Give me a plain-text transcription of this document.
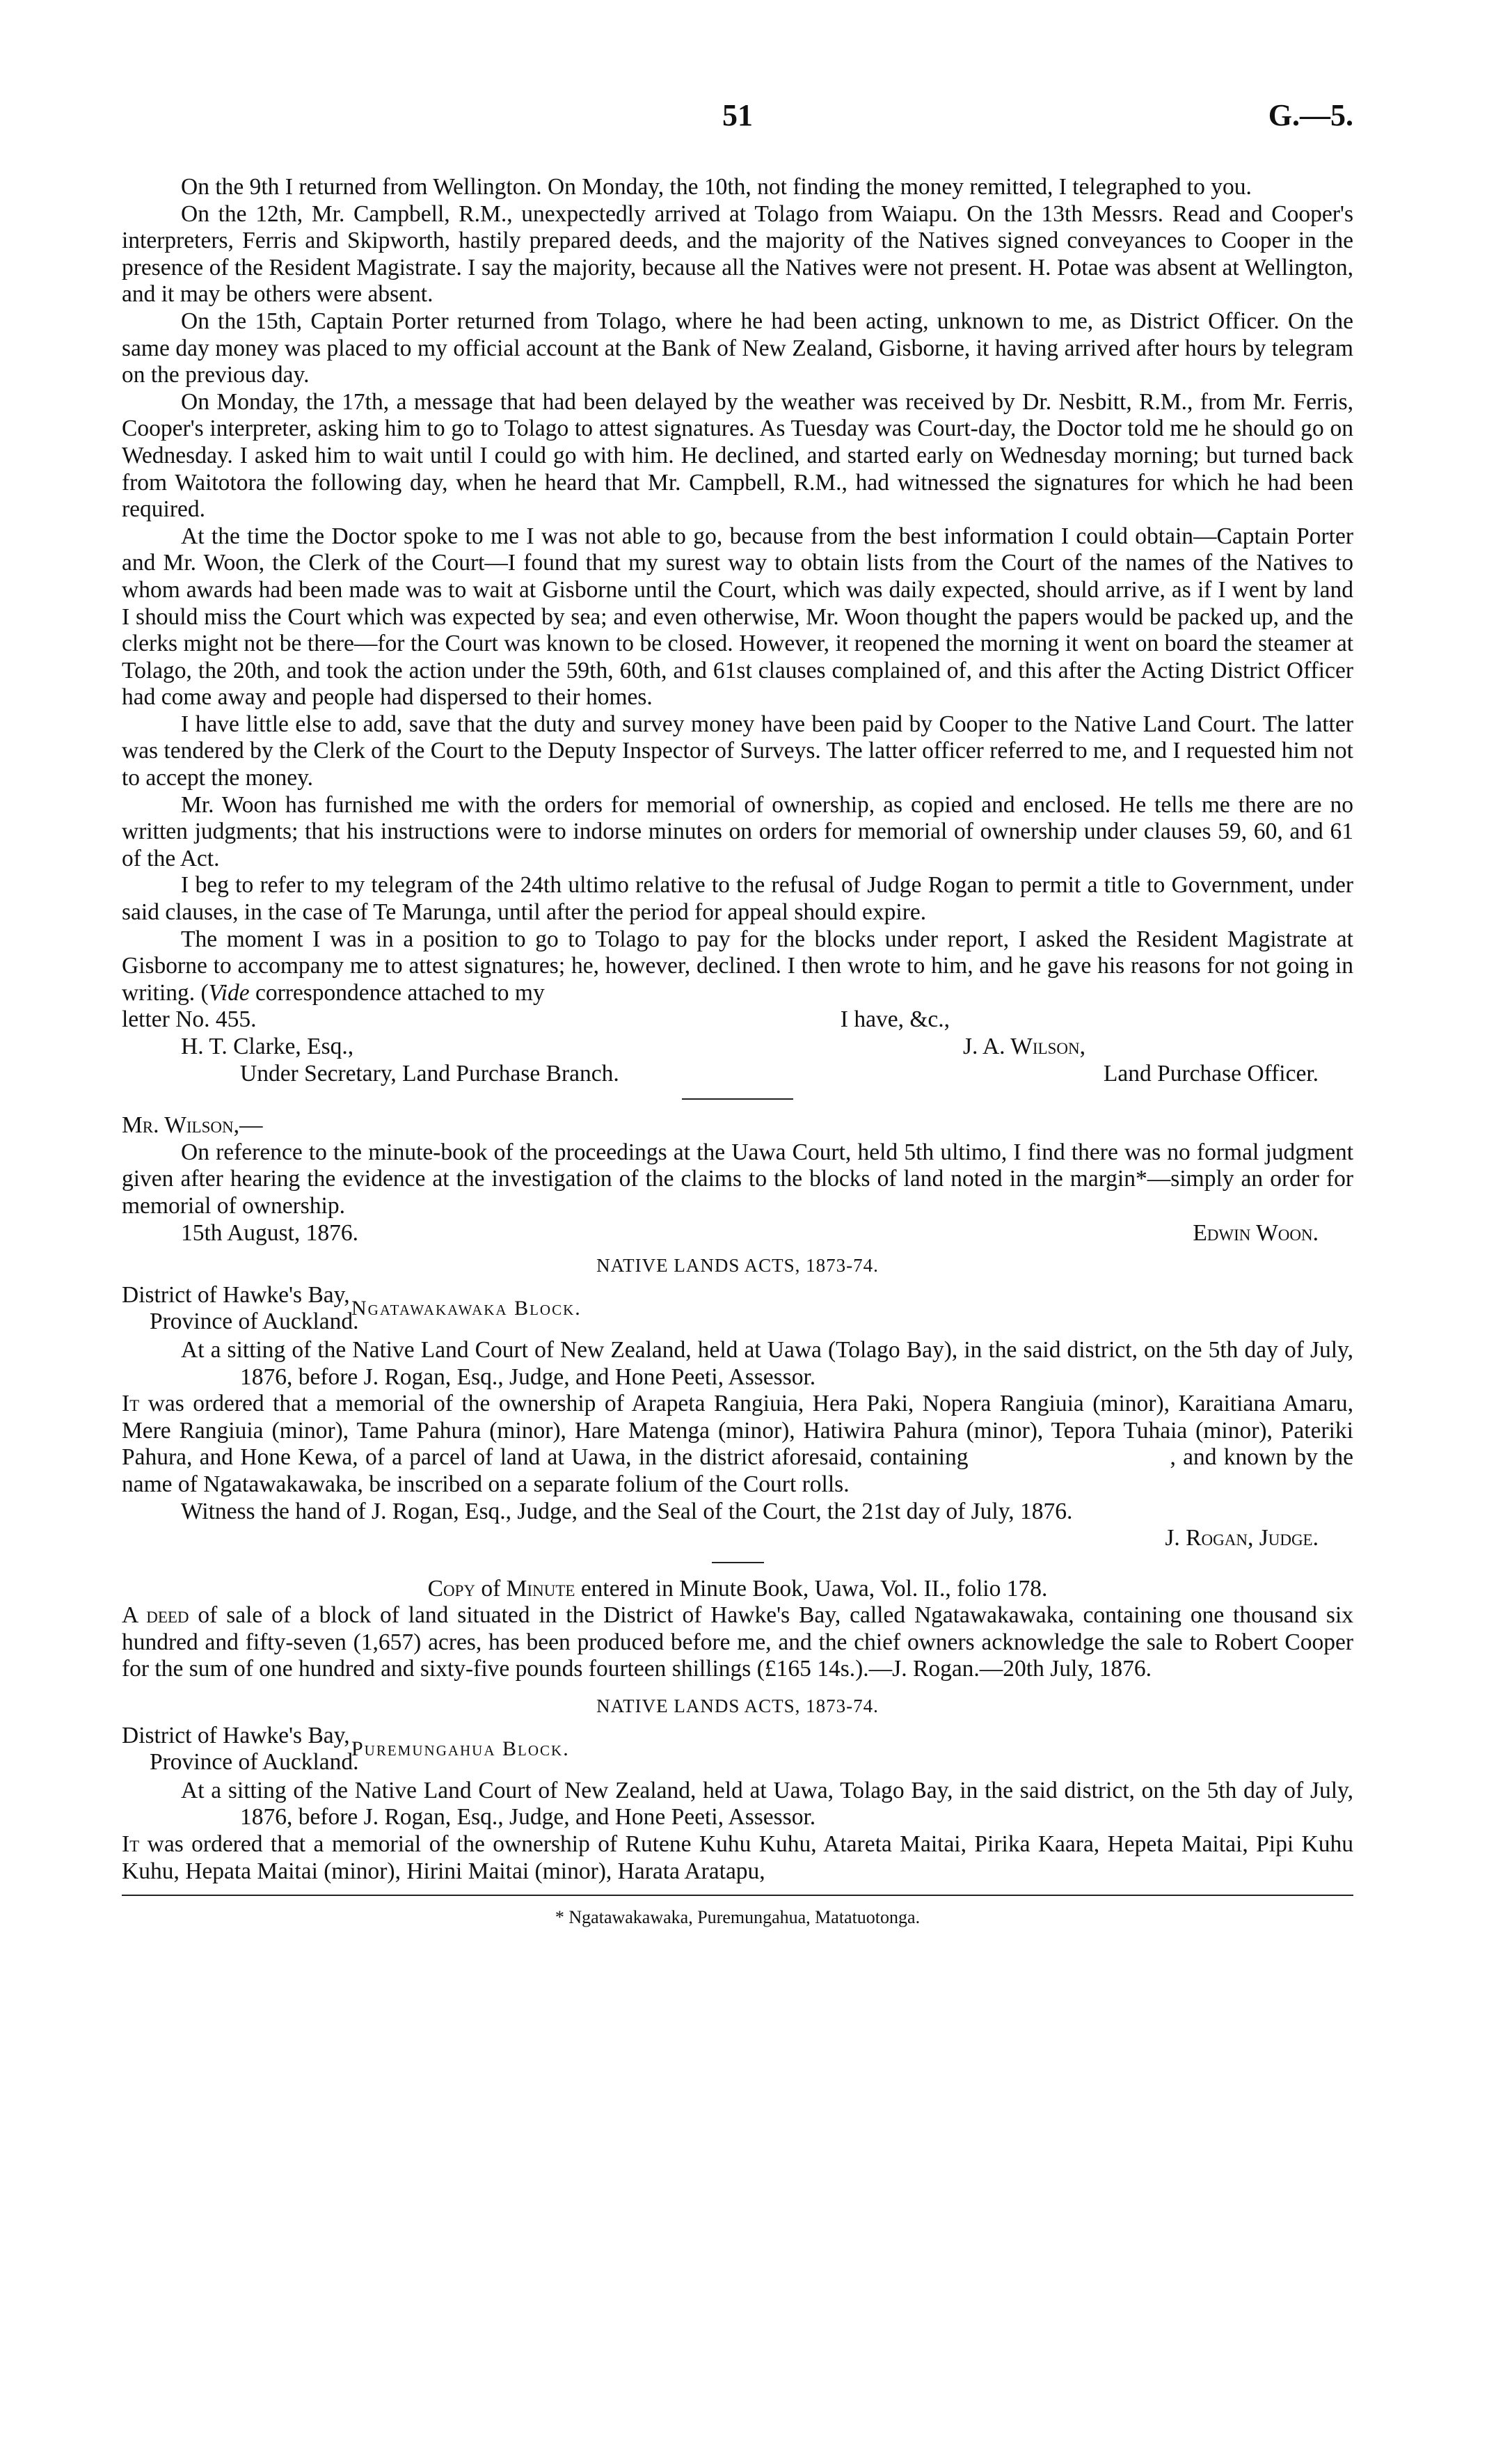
51	G.—5.

On the 9th I returned from Wellington. On Monday, the 10th, not finding the money remitted, I telegraphed to you.

On the 12th, Mr. Campbell, R.M., unexpectedly arrived at Tolago from Waiapu. On the 13th Messrs. Read and Cooper's interpreters, Ferris and Skipworth, hastily prepared deeds, and the majority of the Natives signed conveyances to Cooper in the presence of the Resident Magistrate. I say the majority, because all the Natives were not present. H. Potae was absent at Wellington, and it may be others were absent.

On the 15th, Captain Porter returned from Tolago, where he had been acting, unknown to me, as District Officer. On the same day money was placed to my official account at the Bank of New Zealand, Gisborne, it having arrived after hours by telegram on the previous day.

On Monday, the 17th, a message that had been delayed by the weather was received by Dr. Nesbitt, R.M., from Mr. Ferris, Cooper's interpreter, asking him to go to Tolago to attest signatures. As Tuesday was Court-day, the Doctor told me he should go on Wednesday. I asked him to wait until I could go with him. He declined, and started early on Wednesday morning; but turned back from Waitotora the following day, when he heard that Mr. Campbell, R.M., had witnessed the signatures for which he had been required.

At the time the Doctor spoke to me I was not able to go, because from the best information I could obtain—Captain Porter and Mr. Woon, the Clerk of the Court—I found that my surest way to obtain lists from the Court of the names of the Natives to whom awards had been made was to wait at Gisborne until the Court, which was daily expected, should arrive, as if I went by land I should miss the Court which was expected by sea; and even otherwise, Mr. Woon thought the papers would be packed up, and the clerks might not be there—for the Court was known to be closed. However, it reopened the morning it went on board the steamer at Tolago, the 20th, and took the action under the 59th, 60th, and 61st clauses complained of, and this after the Acting District Officer had come away and people had dispersed to their homes.

I have little else to add, save that the duty and survey money have been paid by Cooper to the Native Land Court. The latter was tendered by the Clerk of the Court to the Deputy Inspector of Surveys. The latter officer referred to me, and I requested him not to accept the money.

Mr. Woon has furnished me with the orders for memorial of ownership, as copied and enclosed. He tells me there are no written judgments; that his instructions were to indorse minutes on orders for memorial of ownership under clauses 59, 60, and 61 of the Act.

I beg to refer to my telegram of the 24th ultimo relative to the refusal of Judge Rogan to permit a title to Government, under said clauses, in the case of Te Marunga, until after the period for appeal should expire.

The moment I was in a position to go to Tolago to pay for the blocks under report, I asked the Resident Magistrate at Gisborne to accompany me to attest signatures; he, however, declined. I then wrote to him, and he gave his reasons for not going in writing. (Vide correspondence attached to my

letter No. 455.	I have, &c.,
H. T. Clarke, Esq.,	J. A. Wilson,
Under Secretary, Land Purchase Branch.	Land Purchase Officer.
Mr. Wilson,—

On reference to the minute-book of the proceedings at the Uawa Court, held 5th ultimo, I find there was no formal judgment given after hearing the evidence at the investigation of the claims to the blocks of land noted in the margin*—simply an order for memorial of ownership.

15th August, 1876.	Edwin Woon.
NATIVE LANDS ACTS, 1873-74.
District of Hawke's Bay,
Province of Auckland.
Ngatawakawaka Block.

At a sitting of the Native Land Court of New Zealand, held at Uawa (Tolago Bay), in the said district, on the 5th day of July, 1876, before J. Rogan, Esq., Judge, and Hone Peeti, Assessor.

It was ordered that a memorial of the ownership of Arapeta Rangiuia, Hera Paki, Nopera Rangiuia (minor), Karaitiana Amaru, Mere Rangiuia (minor), Tame Pahura (minor), Hare Matenga (minor), Hatiwira Pahura (minor), Tepora Tuhaia (minor), Pateriki Pahura, and Hone Kewa, of a parcel of land at Uawa, in the district aforesaid, containing	, and known by the name of Ngatawakawaka, be inscribed on a separate folium of the Court rolls.

Witness the hand of J. Rogan, Esq., Judge, and the Seal of the Court, the 21st day of July, 1876.

J. Rogan, Judge.
Copy of Minute entered in Minute Book, Uawa, Vol. II., folio 178.

A deed of sale of a block of land situated in the District of Hawke's Bay, called Ngatawakawaka, containing one thousand six hundred and fifty-seven (1,657) acres, has been produced before me, and the chief owners acknowledge the sale to Robert Cooper for the sum of one hundred and sixty-five pounds fourteen shillings (£165 14s.).—J. Rogan.—20th July, 1876.

NATIVE LANDS ACTS, 1873-74.
District of Hawke's Bay,
Province of Auckland.
Puremungahua Block.

At a sitting of the Native Land Court of New Zealand, held at Uawa, Tolago Bay, in the said district, on the 5th day of July, 1876, before J. Rogan, Esq., Judge, and Hone Peeti, Assessor.

It was ordered that a memorial of the ownership of Rutene Kuhu Kuhu, Atareta Maitai, Pirika Kaara, Hepeta Maitai, Pipi Kuhu Kuhu, Hepata Maitai (minor), Hirini Maitai (minor), Harata Aratapu,

* Ngatawakawaka, Puremungahua, Matatuotonga.
